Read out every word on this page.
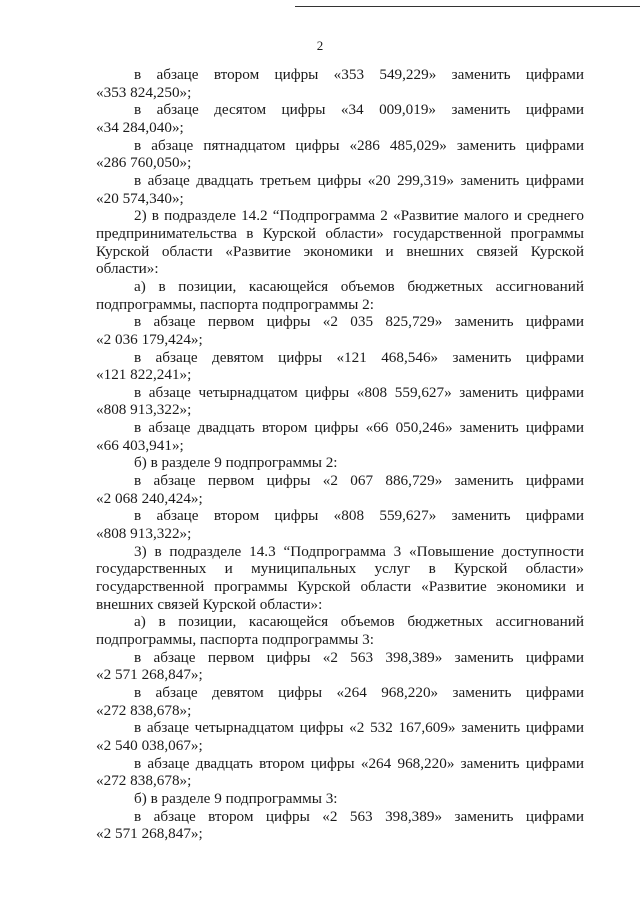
2

в абзаце втором цифры «353 549,229» заменить цифрами

«353 824,250»;

в абзаце десятом цифры «34 009,019» заменить цифрами

«34 284,040»;

в абзаце пятнадцатом цифры «286 485,029» заменить цифрами

«286 760,050»;

в абзаце двадцать третьем цифры «20 299,319» заменить цифрами

«20 574,340»;

2) в подразделе 14.2 “Подпрограмма 2 «Развитие малого и среднего

предпринимательства в Курской области» государственной программы

Курской области «Развитие экономики и внешних связей Курской

области»:

а) в позиции, касающейся объемов бюджетных ассигнований

подпрограммы, паспорта подпрограммы 2:

в абзаце первом цифры «2 035 825,729» заменить цифрами

«2 036 179,424»;

в абзаце девятом цифры «121 468,546» заменить цифрами

«121 822,241»;

в абзаце четырнадцатом цифры «808 559,627» заменить цифрами

«808 913,322»;

в абзаце двадцать втором цифры «66 050,246» заменить цифрами

«66 403,941»;

б) в разделе 9 подпрограммы 2:

в абзаце первом цифры «2 067 886,729» заменить цифрами

«2 068 240,424»;

в абзаце втором цифры «808 559,627» заменить цифрами

«808 913,322»;

3) в подразделе 14.3 “Подпрограмма 3 «Повышение доступности

государственных и муниципальных услуг в Курской области»

государственной программы Курской области «Развитие экономики и

внешних связей Курской области»:

а) в позиции, касающейся объемов бюджетных ассигнований

подпрограммы, паспорта подпрограммы 3:

в абзаце первом цифры «2 563 398,389» заменить цифрами

«2 571 268,847»;

в абзаце девятом цифры «264 968,220» заменить цифрами

«272 838,678»;

в абзаце четырнадцатом цифры «2 532 167,609» заменить цифрами

«2 540 038,067»;

в абзаце двадцать втором цифры «264 968,220» заменить цифрами

«272 838,678»;

б) в разделе 9 подпрограммы 3:

в абзаце втором цифры «2 563 398,389» заменить цифрами

«2 571 268,847»;
